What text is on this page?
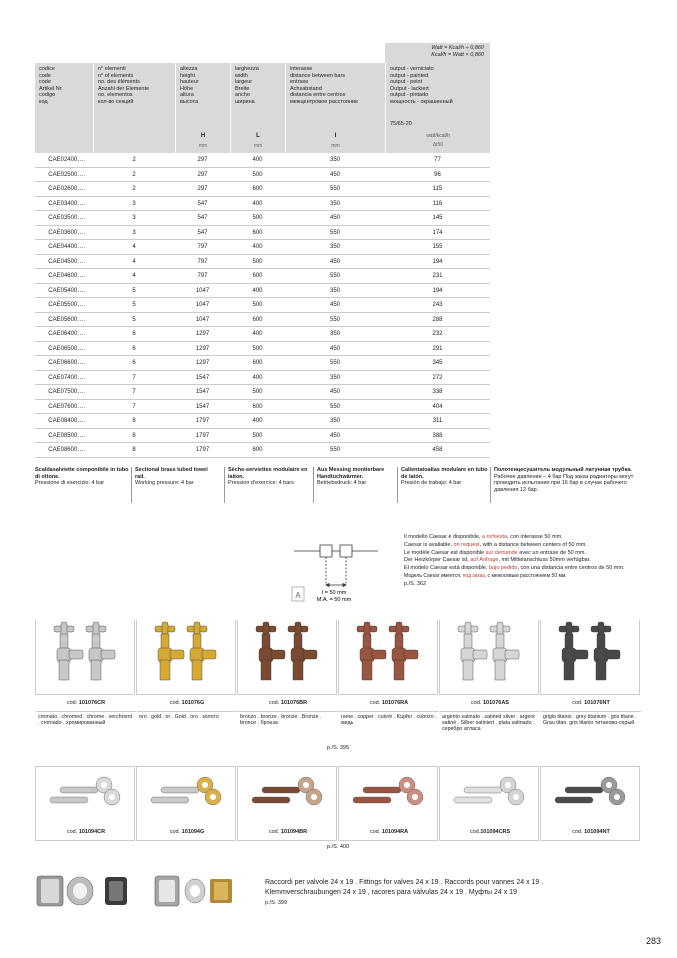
Watt = Kcal/h ÷ 0,860
Kcal/h = Watt × 0,860
codice
code
code
Artikel Nr.
codigo
код
n° elementi
n° of elements
no. des éléments
Anzahl der Elemente
no. elementos
кол-во секций
altezza
height
hauteur
Höhe
altura
высота
H
mm
larghezza
width
largeur
Breite
ancho
ширина
L
mm
interasse
distance between bars
entraxe
Achsabstand
distancia entre centros
межцентровое расстояние
I
mm
output - verniciato
output - painted
output - peint
Output - lackiert
output - pintado
мощность - окрашенный
75/65-20
watt/kcal/h
Δt50
CAE02400….	2	297	400	350	77
CAE02500….	2	297	500	450	96
CAE02600….	2	297	600	550	115
CAE03400….	3	547	400	350	116
CAE03500….	3	547	500	450	145
CAE03600….	3	547	600	550	174
CAE04400….	4	797	400	350	155
CAE04500….	4	797	500	450	194
CAE04600….	4	797	600	550	231
CAE05400….	5	1047	400	350	194
CAE05500….	5	1047	500	450	243
CAE05600….	5	1047	600	550	288
CAE06400….	6	1297	400	350	232
CAE06500….	6	1297	500	450	291
CAE06600….	6	1297	600	550	345
CAE07400….	7	1547	400	350	272
CAE07500….	7	1547	500	450	338
CAE07600….	7	1547	600	550	404
CAE08400….	8	1797	400	350	311
CAE08500….	8	1797	500	450	388
CAE08600….	8	1797	600	550	458
Scaldasalviette componibile in tubo di ottone.
Pressione di esercizio: 4 bar
Sectional brass tubed towel rail.
Working pressure: 4 bar
Sèche-serviettes modulaire en laiton.
Pression d'exercice: 4 bars
Aus Messing montierbare Handtuchwärmer.
Betriebsdruck: 4 bar
Calientatoallas modulare en tubo de latón.
Presión de trabajo: 4 bar
Полотенцесушитель модульный латунная трубка.
Рабочее давление – 4 бар Под заказ радиаторы могут проводить испытание при 16 бар в случае рабочего давления 12 бар.
I = 50 mm
M.A. = 50 mm
A
Il modello Caesar è disponibile, a richiesta, con interasse 50 mm.
Caesar is available, on request, with a distance between centers of 50 mm.
Le modèle Caesar est disponible sur demande avec un entraxe de 50 mm.
Der Heizkörper Caesar ist, auf Anfrage, mit Mittelanschluss 50mm verfügbar.
El modelo Caesar está disponible, bajo pedido, con una distancia entre centros de 50 mm.
Модель Caesar имеется, под заказ, с межосевым расстоянием 50 мм.
p./S. 362
cod. 101076CR
cromato . chromed . chrome . verchromt . cromado . хромированный
cod. 101076G
oro . gold . or . Gold . oro . золото
cod. 101076BR
bronzo . bronze . bronze . Bronze . bronce . бронза
cod. 101076RA
rame . copper . cuivré . Kupfer . cobrizo . медь
cod. 101076AS
argento satinato . satined silver . argent satiné . Silber satiniert . plata satinado . серебро атласа
cod. 101076NT
grigio titanio . grey titanium . gris titane . Grau titan. gris titanio титановo-серый
p./S. 395
cod. 101094CR	cod. 101094G	cod. 101094BR	cod. 101094RA	cod.101094CRS	cod. 101094NT
p./S. 400
Raccordi per valvole 24 x 19 . Fittings for valves 24 x 19 . Raccords pour vannes 24 x 19 .
Klemmverschraubungen 24 x 19 , racores para válvulas 24 x 19 . Муфты 24 x 19
p./S. 399
283
